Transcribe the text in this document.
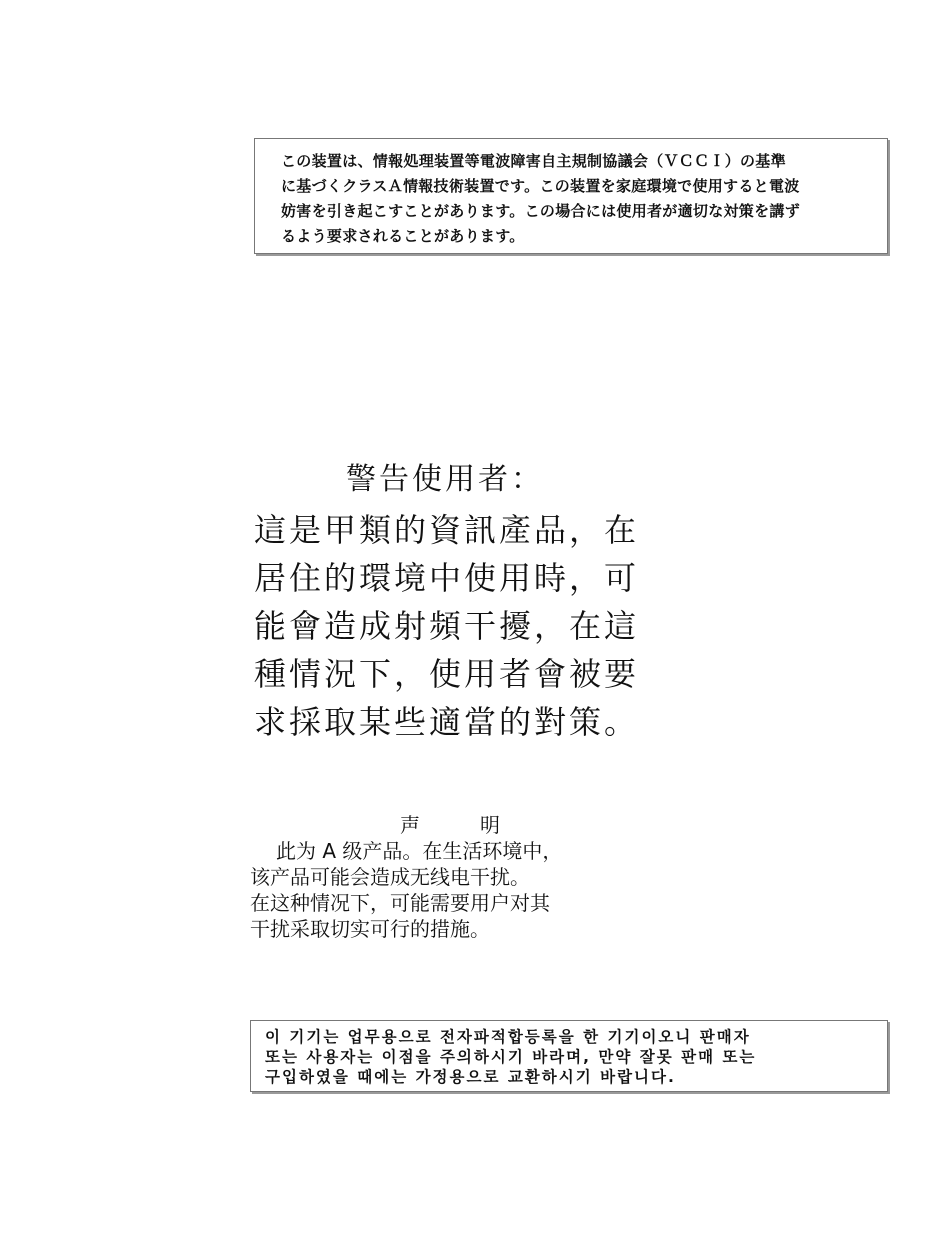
この装置は、情報処理装置等電波障害自主規制協議会（ＶＣＣＩ）の基準

に基づくクラスＡ情報技術装置です。この装置を家庭環境で使用すると電波

妨害を引き起こすことがあります。この場合には使用者が適切な対策を講ず

るよう要求されることがあります。

警告使用者：

這是甲類的資訊產品，在

居住的環境中使用時，可

能會造成射頻干擾，在這

種情況下，使用者會被要

求採取某些適當的對策。

声明

此为 A 级产品。在生活环境中，

该产品可能会造成无线电干扰。

在这种情况下，可能需要用户对其

干扰采取切实可行的措施。

이 기기는 업무용으로 전자파적합등록을 한 기기이오니 판매자

또는 사용자는 이점을 주의하시기 바라며, 만약 잘못 판매 또는

구입하였을 때에는 가정용으로 교환하시기 바랍니다.
